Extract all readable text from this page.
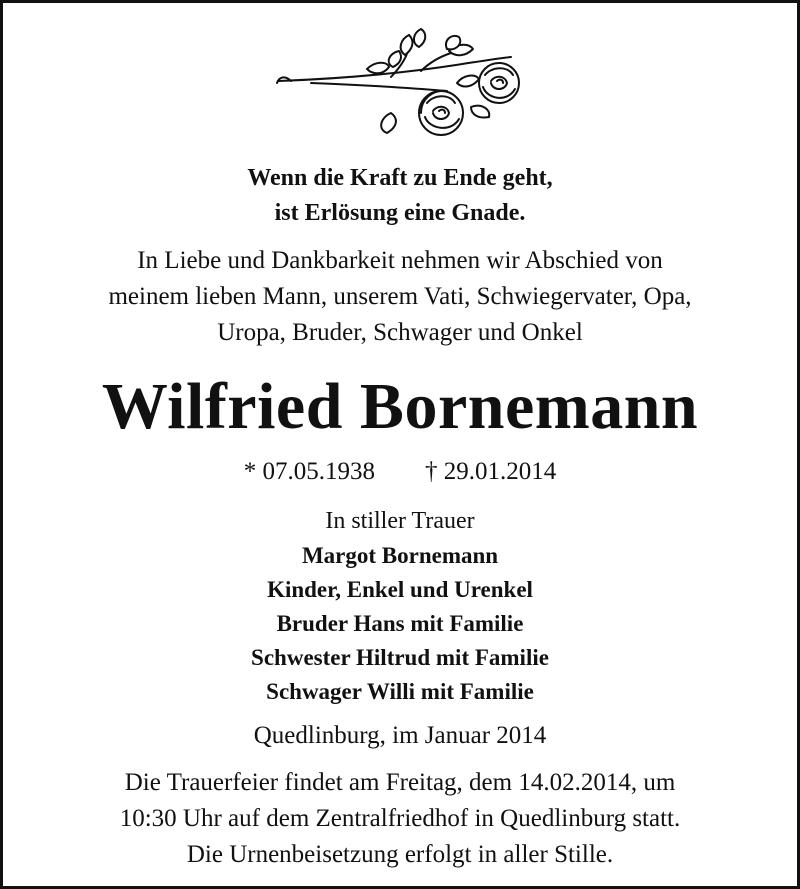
Wenn die Kraft zu Ende geht,
ist Erlösung eine Gnade.
In Liebe und Dankbarkeit nehmen wir Abschied von
meinem lieben Mann, unserem Vati, Schwiegervater, Opa,
Uropa, Bruder, Schwager und Onkel
Wilfried Bornemann
* 07.05.1938 † 29.01.2014
In stiller Trauer
Margot Bornemann
Kinder, Enkel und Urenkel
Bruder Hans mit Familie
Schwester Hiltrud mit Familie
Schwager Willi mit Familie
Quedlinburg, im Januar 2014
Die Trauerfeier findet am Freitag, dem 14.02.2014, um
10:30 Uhr auf dem Zentralfriedhof in Quedlinburg statt.
Die Urnenbeisetzung erfolgt in aller Stille.
